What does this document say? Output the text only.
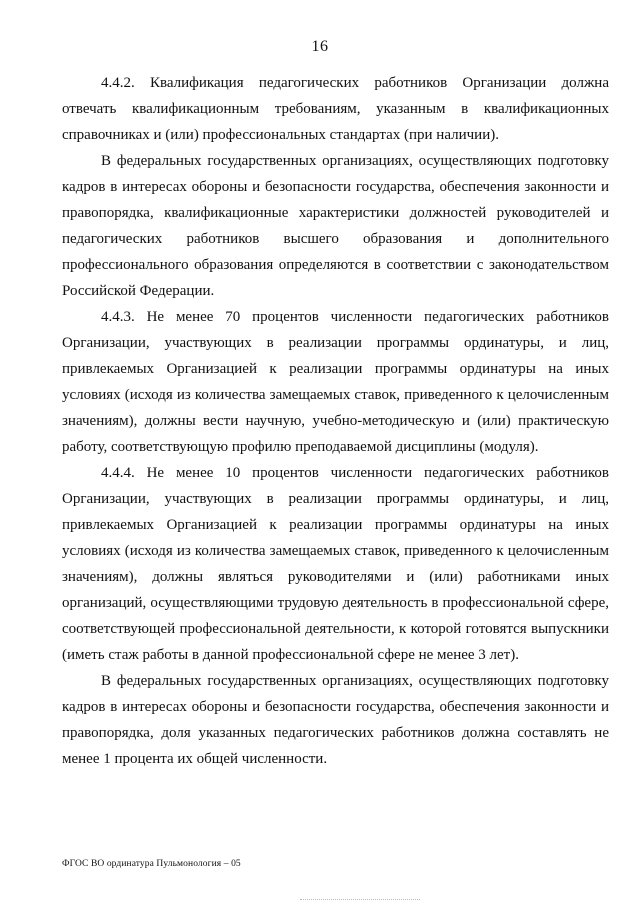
16

4.4.2. Квалификация педагогических работников Организации должна отвечать квалификационным требованиям, указанным в квалификационных справочниках и (или) профессиональных стандартах (при наличии).

В федеральных государственных организациях, осуществляющих подготовку кадров в интересах обороны и безопасности государства, обеспечения законности и правопорядка, квалификационные характеристики должностей руководителей и педагогических работников высшего образования и дополнительного профессионального образования определяются в соответствии с законодательством Российской Федерации.

4.4.3. Не менее 70 процентов численности педагогических работников Организации, участвующих в реализации программы ординатуры, и лиц, привлекаемых Организацией к реализации программы ординатуры на иных условиях (исходя из количества замещаемых ставок, приведенного к целочисленным значениям), должны вести научную, учебно-методическую и (или) практическую работу, соответствующую профилю преподаваемой дисциплины (модуля).

4.4.4. Не менее 10 процентов численности педагогических работников Организации, участвующих в реализации программы ординатуры, и лиц, привлекаемых Организацией к реализации программы ординатуры на иных условиях (исходя из количества замещаемых ставок, приведенного к целочисленным значениям), должны являться руководителями и (или) работниками иных организаций, осуществляющими трудовую деятельность в профессиональной сфере, соответствующей профессиональной деятельности, к которой готовятся выпускники (иметь стаж работы в данной профессиональной сфере не менее 3 лет).

В федеральных государственных организациях, осуществляющих подготовку кадров в интересах обороны и безопасности государства, обеспечения законности и правопорядка, доля указанных педагогических работников должна составлять не менее 1 процента их общей численности.

ФГОС ВО ординатура Пульмонология – 05
